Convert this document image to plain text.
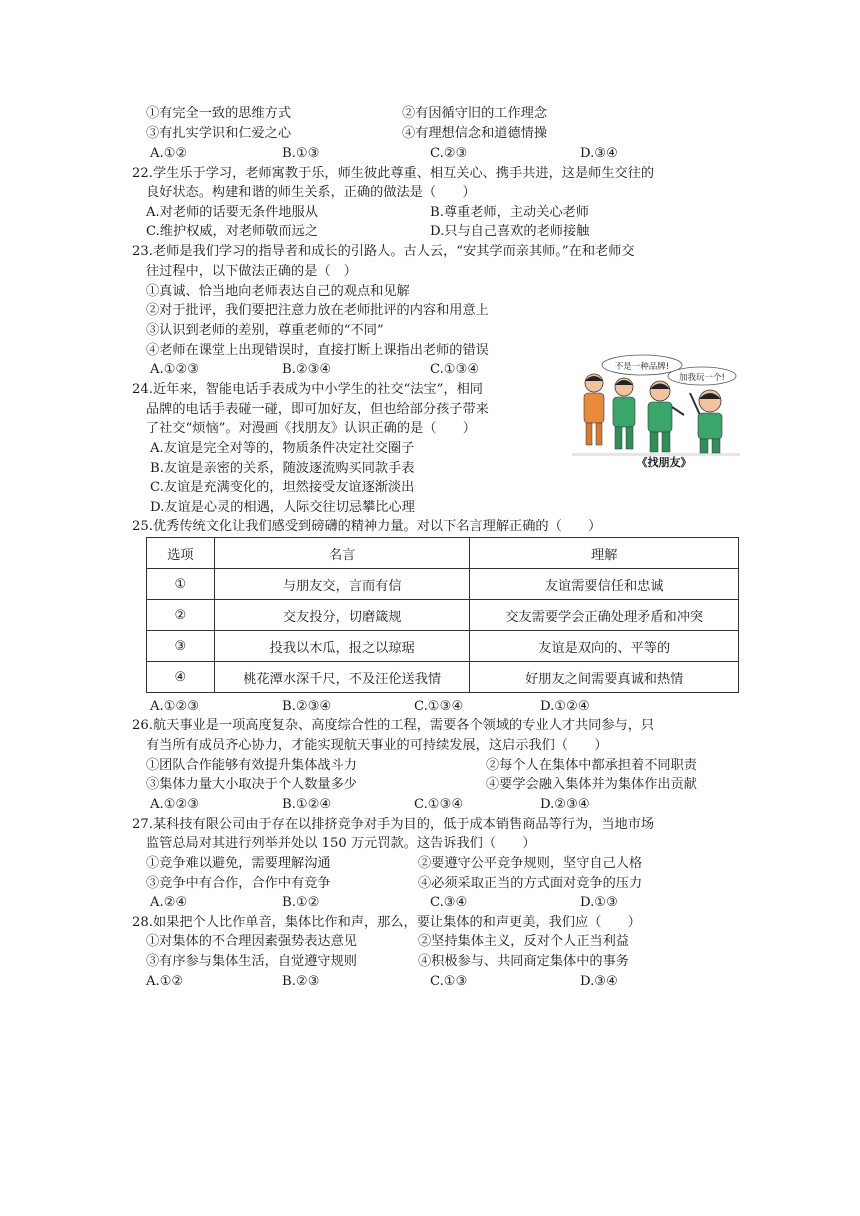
①有完全一致的思维方式	②有因循守旧的工作理念
③有扎实学识和仁爱之心	④有理想信念和道德情操
A.①②	B.①③	C.②③	D.③④
22.学生乐于学习，老师寓教于乐，师生彼此尊重、相互关心、携手共进，这是师生交往的
良好状态。构建和谐的师生关系，正确的做法是（　　）
A.对老师的话要无条件地服从	B.尊重老师，主动关心老师
C.维护权威，对老师敬而远之	D.只与自己喜欢的老师接触
23.老师是我们学习的指导者和成长的引路人。古人云，“安其学而亲其师。”在和老师交
往过程中，以下做法正确的是（　）
①真诚、恰当地向老师表达自己的观点和见解
②对于批评，我们要把注意力放在老师批评的内容和用意上
③认识到老师的差别，尊重老师的“不同”
④老师在课堂上出现错误时，直接打断上课指出老师的错误
A.①②③	B.②③④	C.①③④
24.近年来，智能电话手表成为中小学生的社交“法宝”，相同
品牌的电话手表碰一碰，即可加好友，但也给部分孩子带来
了社交“烦恼”。对漫画《找朋友》认识正确的是（　　）
A.友谊是完全对等的，物质条件决定社交圈子
B.友谊是亲密的关系，随波逐流购买同款手表
C.友谊是充满变化的，坦然接受友谊逐渐淡出
D.友谊是心灵的相遇，人际交往切忌攀比心理
不是一种品牌!
加我玩一个!
《找朋友》
25.优秀传统文化让我们感受到磅礴的精神力量。对以下名言理解正确的（　　）
选项	名言	理解
①	与朋友交，言而有信	友谊需要信任和忠诚
②	交友投分，切磨箴规	交友需要学会正确处理矛盾和冲突
③	投我以木瓜，报之以琼琚	友谊是双向的、平等的
④	桃花潭水深千尺，不及汪伦送我情	好朋友之间需要真诚和热情
A.①②③	B.②③④	C.①③④	D.①②④
26.航天事业是一项高度复杂、高度综合性的工程，需要各个领域的专业人才共同参与，只
有当所有成员齐心协力，才能实现航天事业的可持续发展，这启示我们（　　）
①团队合作能够有效提升集体战斗力	②每个人在集体中都承担着不同职责
③集体力量大小取决于个人数量多少	④要学会融入集体并为集体作出贡献
A.①②③	B.①②④	C.①③④	D.②③④
27.某科技有限公司由于存在以排挤竞争对手为目的，低于成本销售商品等行为，当地市场
监管总局对其进行列举并处以 150 万元罚款。这告诉我们（　　）
①竞争难以避免，需要理解沟通	②要遵守公平竞争规则，坚守自己人格
③竞争中有合作，合作中有竞争	④必须采取正当的方式面对竞争的压力
A.②④	B.①②	C.③④	D.①③
28.如果把个人比作单音，集体比作和声，那么，要让集体的和声更美，我们应（　　）
①对集体的不合理因素强势表达意见	②坚持集体主义，反对个人正当利益
③有序参与集体生活，自觉遵守规则	④积极参与、共同商定集体中的事务
A.①②	B.②③	C.①③	D.③④
